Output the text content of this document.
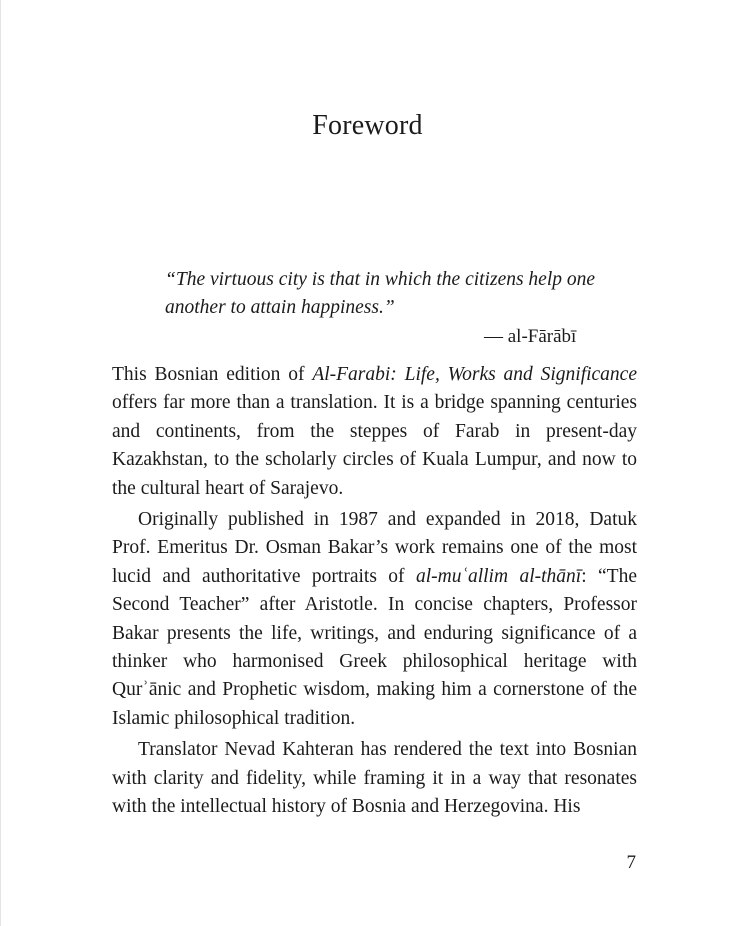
Foreword
“The virtuous city is that in which the citizens help one another to attain happiness.”
— al-Fārābī

This Bosnian edition of Al-Farabi: Life, Works and Significance offers far more than a translation. It is a bridge spanning centuries and continents, from the steppes of Farab in present-day Kazakhstan, to the scholarly circles of Kuala Lumpur, and now to the cultural heart of Sarajevo.

Originally published in 1987 and expanded in 2018, Datuk Prof. Emeritus Dr. Osman Bakar’s work remains one of the most lucid and authoritative portraits of al-muʿallim al-thānī: “The Second Teacher” after Aristotle. In concise chapters, Professor Bakar presents the life, writings, and enduring significance of a thinker who harmonised Greek philosophical heritage with Qurʾānic and Prophetic wisdom, making him a cornerstone of the Islamic philosophical tradition.

Translator Nevad Kahteran has rendered the text into Bosnian with clarity and fidelity, while framing it in a way that resonates with the intellectual history of Bosnia and Herzegovina. His

7
